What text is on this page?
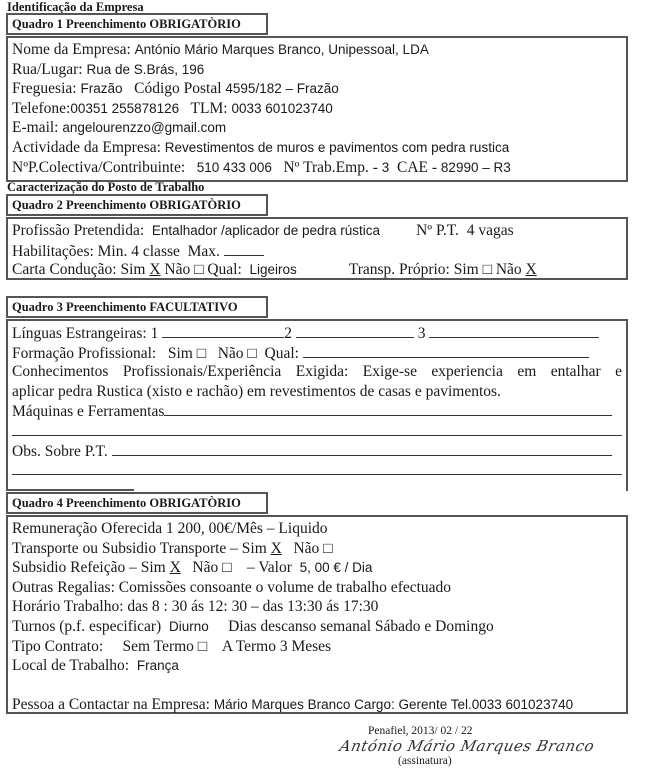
Identificação da Empresa
Quadro 1 Preenchimento OBRIGATÒRIO
Nome da Empresa: António Mário Marques Branco, Unipessoal, LDA
Rua/Lugar: Rua de S.Brás, 196
Freguesia: Frazão Código Postal 4595/182 – Frazão
Telefone:00351 255878126 TLM: 0033 601023740
E-mail: angelourenzzo@gmail.com
Actividade da Empresa: Revestimentos de muros e pavimentos com pedra rustica
NºP.Colectiva/Contribuinte: 510 433 006 Nº Trab.Emp. - 3 CAE - 82990 – R3
Caracterização do Posto de Trabalho
Quadro 2 Preenchimento OBRIGATÒRIO
Profissão Pretendida: Entalhador /aplicador de pedra rústica Nº P.T. 4 vagas
Habilitações: Min. 4 classe Max.
Carta Condução: Sim X Não □ Qual: Ligeiros	Transp. Próprio: Sim □ Não X
Quadro 3 Preenchimento FACULTATIVO
Línguas Estrangeiras: 1	2	3
Formação Profissional: Sim □ Não □ Qual:
Conhecimentos Profissionais/Experiência Exigida: Exige-se experiencia em entalhar e
aplicar pedra Rustica (xisto e rachão) em revestimentos de casas e pavimentos.
Máquinas e Ferramentas
Obs. Sobre P.T.
Quadro 4 Preenchimento OBRIGATÒRIO
Remuneração Oferecida 1 200, 00€/Mês – Liquido
Transporte ou Subsidio Transporte – Sim X Não □
Subsidio Refeição – Sim X Não □ – Valor 5, 00 € / Dia
Outras Regalias: Comissões consoante o volume de trabalho efectuado
Horário Trabalho: das 8 : 30 ás 12: 30 – das 13:30 ás 17:30
Turnos (p.f. especificar) Diurno Dias descanso semanal Sábado e Domingo
Tipo Contrato: Sem Termo □ A Termo 3 Meses
Local de Trabalho: França
Pessoa a Contactar na Empresa: Mário Marques Branco Cargo: Gerente Tel.0033 601023740
Penafiel, 2013/ 02 / 22
António Mário Marques Branco
(assinatura)
